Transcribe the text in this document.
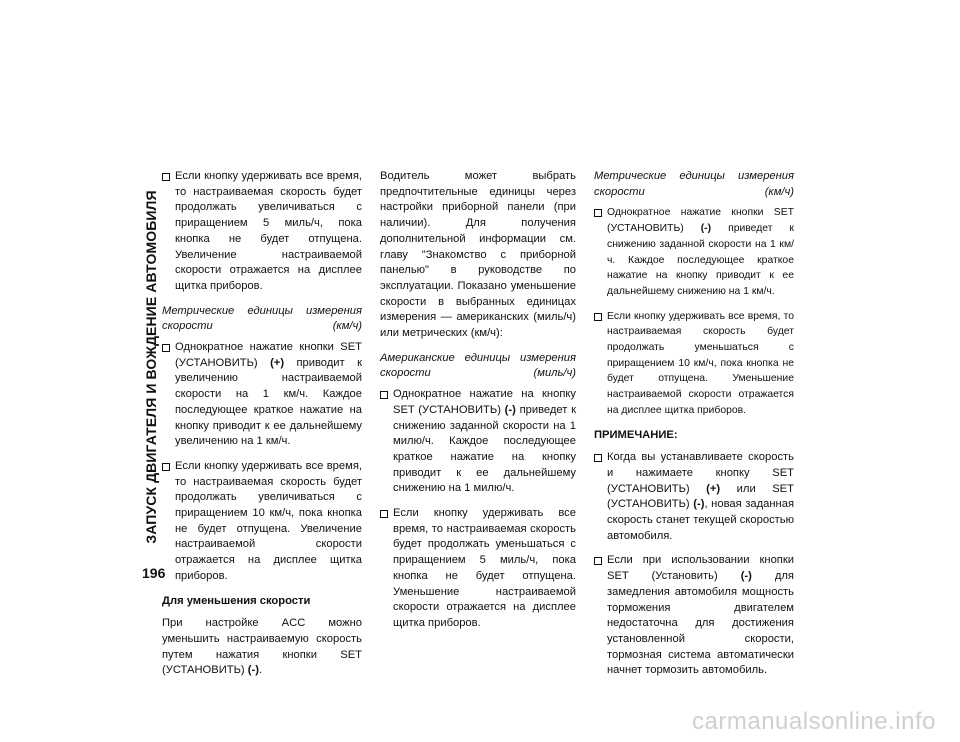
ЗАПУСК ДВИГАТЕЛЯ И ВОЖДЕНИЕ АВТОМОБИЛЯ
196
Если кнопку удерживать все время, то настраиваемая скорость будет продолжать увеличиваться с приращением 5 миль/ч, пока кнопка не будет отпущена. Увеличение настраиваемой скорости отражается на дисплее щитка приборов.
Метрические единицы измерения скорости (км/ч)
Однократное нажатие кнопки SET (УСТАНОВИТЬ) (+) приводит к увеличению настраиваемой скорости на 1 км/ч. Каждое последующее краткое нажатие на кнопку приводит к ее дальнейшему увеличению на 1 км/ч.
Если кнопку удерживать все время, то настраиваемая скорость будет продолжать увеличиваться с приращением 10 км/ч, пока кнопка не будет отпущена. Увеличение настраиваемой скорости отражается на дисплее щитка приборов.
Для уменьшения скорости
При настройке ACC можно уменьшить настраиваемую скорость путем нажатия кнопки SET (УСТАНОВИТЬ) (-).
Водитель может выбрать предпочтительные единицы через настройки приборной панели (при наличии). Для получения дополнительной информации см. главу "Знакомство с приборной панелью" в руководстве по эксплуатации. Показано уменьшение скорости в выбранных единицах измерения — американских (миль/ч) или метрических (км/ч):
Американские единицы измерения скорости (миль/ч)
Однократное нажатие на кнопку SET (УСТАНОВИТЬ) (-) приведет к снижению заданной скорости на 1 милю/ч. Каждое последующее краткое нажатие на кнопку приводит к ее дальнейшему снижению на 1 милю/ч.
Если кнопку удерживать все время, то настраиваемая скорость будет продолжать уменьшаться с приращением 5 миль/ч, пока кнопка не будет отпущена. Уменьшение настраиваемой скорости отражается на дисплее щитка приборов.
Метрические единицы измерения скорости (км/ч)
Однократное нажатие кнопки SET (УСТАНОВИТЬ) (-) приведет к снижению заданной скорости на 1 км/ч. Каждое последующее краткое нажатие на кнопку приводит к ее дальнейшему снижению на 1 км/ч.
Если кнопку удерживать все время, то настраиваемая скорость будет продолжать уменьшаться с приращением 10 км/ч, пока кнопка не будет отпущена. Уменьшение настраиваемой скорости отражается на дисплее щитка приборов.
ПРИМЕЧАНИЕ:
Когда вы устанавливаете скорость и нажимаете кнопку SET (УСТАНОВИТЬ) (+) или SET (УСТАНОВИТЬ) (-), новая заданная скорость станет текущей скоростью автомобиля.
Если при использовании кнопки SET (Установить) (-) для замедления автомобиля мощность торможения двигателем недостаточна для достижения установленной скорости, тормозная система автоматически начнет тормозить автомобиль.
carmanualsonline.info
